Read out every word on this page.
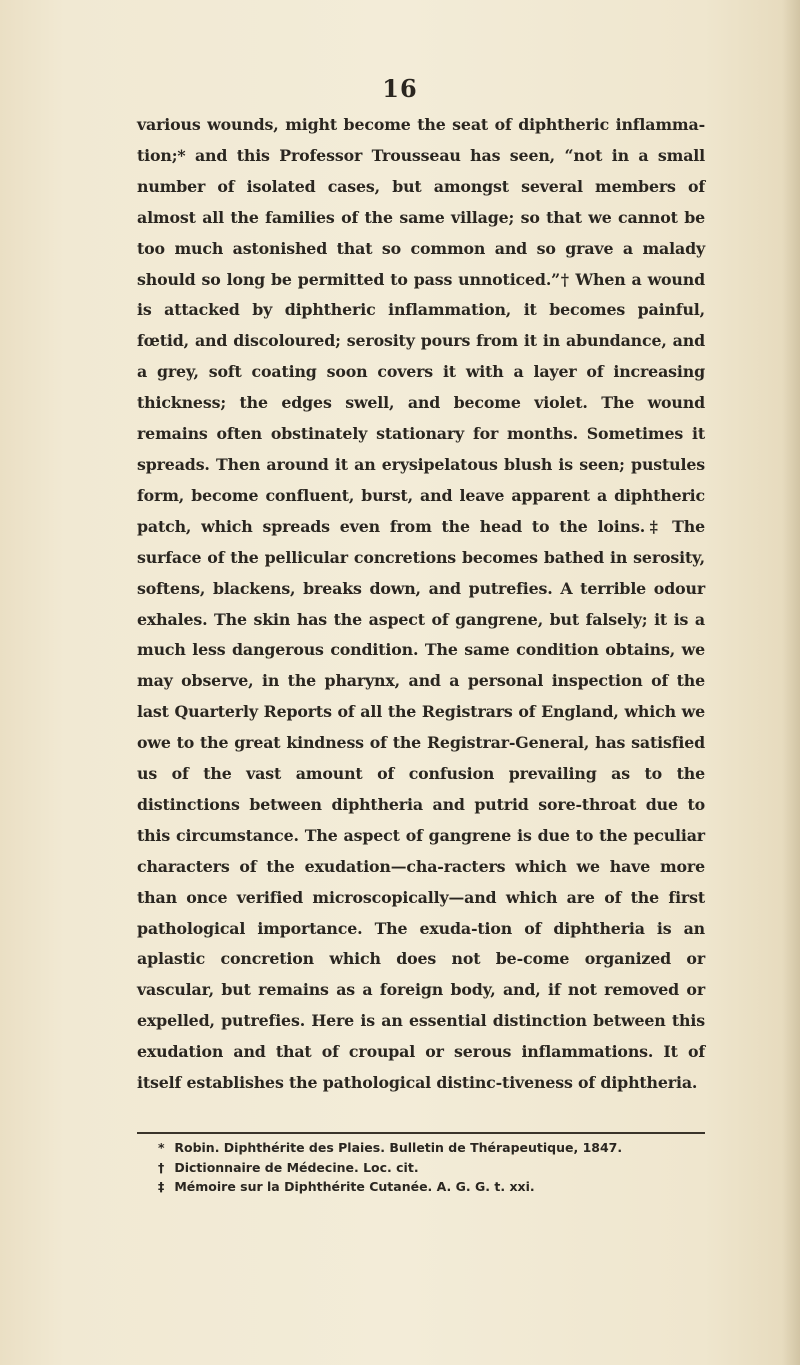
16

various wounds, might become the seat of diphtheric inflamma-tion;* and this Professor Trousseau has seen, “not in a small number of isolated cases, but amongst several members of almost all the families of the same village; so that we cannot be too much astonished that so common and so grave a malady should so long be permitted to pass unnoticed.”† When a wound is attacked by diphtheric inflammation, it becomes painful, fœtid, and discoloured; serosity pours from it in abundance, and a grey, soft coating soon covers it with a layer of increasing thickness; the edges swell, and become violet. The wound remains often obstinately stationary for months. Sometimes it spreads. Then around it an erysipelatous blush is seen; pustules form, become confluent, burst, and leave apparent a diphtheric patch, which spreads even from the head to the loins.‡ The surface of the pellicular concretions becomes bathed in serosity, softens, blackens, breaks down, and putrefies. A terrible odour exhales. The skin has the aspect of gangrene, but falsely; it is a much less dangerous condition. The same condition obtains, we may observe, in the pharynx, and a personal inspection of the last Quarterly Reports of all the Registrars of England, which we owe to the great kindness of the Registrar-General, has satisfied us of the vast amount of confusion prevailing as to the distinctions between diphtheria and putrid sore-throat due to this circumstance. The aspect of gangrene is due to the peculiar characters of the exudation—cha-racters which we have more than once verified microscopically—and which are of the first pathological importance. The exuda-tion of diphtheria is an aplastic concretion which does not be-come organized or vascular, but remains as a foreign body, and, if not removed or expelled, putrefies. Here is an essential distinction between this exudation and that of croupal or serous inflammations. It of itself establishes the pathological distinc-tiveness of diphtheria.

* Robin. Diphthérite des Plaies. Bulletin de Thérapeutique, 1847.
† Dictionnaire de Médecine. Loc. cit.
‡ Mémoire sur la Diphthérite Cutanée. A. G. G. t. xxi.
